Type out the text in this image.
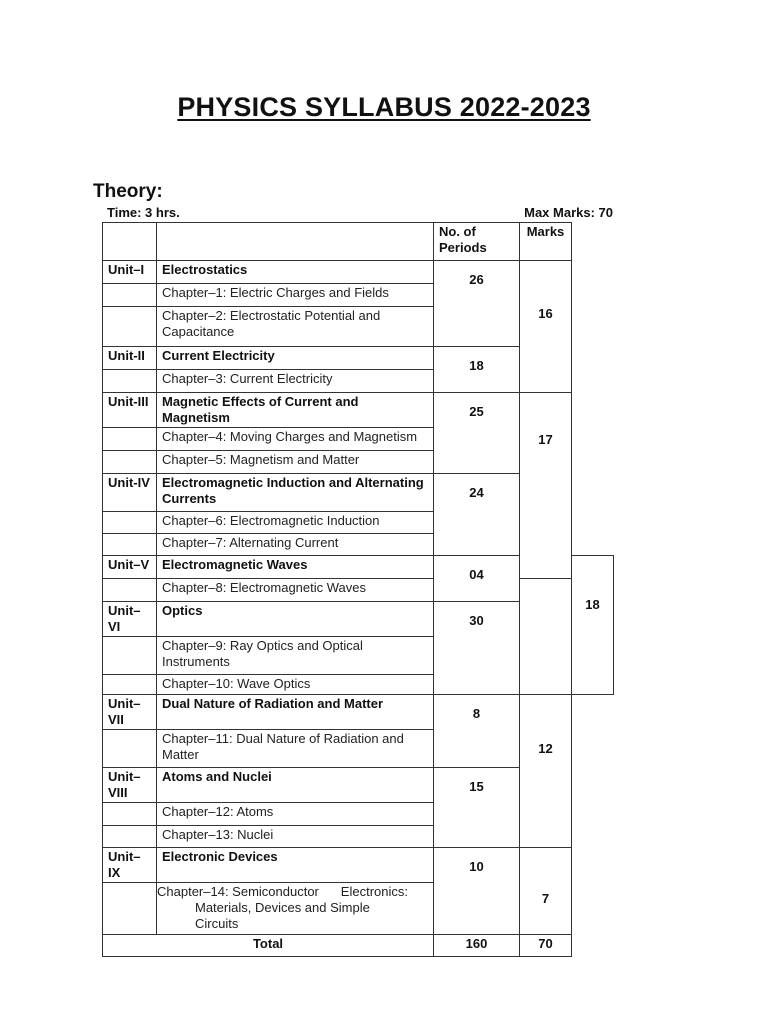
PHYSICS SYLLABUS 2022-2023
Theory:
Time: 3 hrs.	Max Marks: 70
		No. of Periods	Marks	
Unit–I	Electrostatics	26	16	
	Chapter–1: Electric Charges and Fields			
	Chapter–2: Electrostatic Potential and Capacitance			
Unit-II	Current Electricity	18		
	Chapter–3: Current Electricity			
Unit-III	Magnetic Effects of Current and Magnetism	25	17	
	Chapter–4: Moving Charges and Magnetism			
	Chapter–5: Magnetism and Matter			
Unit-IV	Electromagnetic Induction and Alternating Currents	24		
	Chapter–6: Electromagnetic Induction			
	Chapter–7: Alternating Current			
Unit–V	Electromagnetic Waves	04		18
	Chapter–8: Electromagnetic Waves			
Unit–VI	Optics	30		
	Chapter–9: Ray Optics and Optical Instruments			
	Chapter–10: Wave Optics			
Unit–VII	Dual Nature of Radiation and Matter	8	12	
	Chapter–11: Dual Nature of Radiation and Matter			
Unit–VIII	Atoms and Nuclei	15		
	Chapter–12: Atoms			
	Chapter–13: Nuclei			
Unit–IX	Electronic Devices	10	7	

	Chapter–14: Semiconductor Electronics:
Materials, Devices and Simple
Circuits			

Total		160	70	
